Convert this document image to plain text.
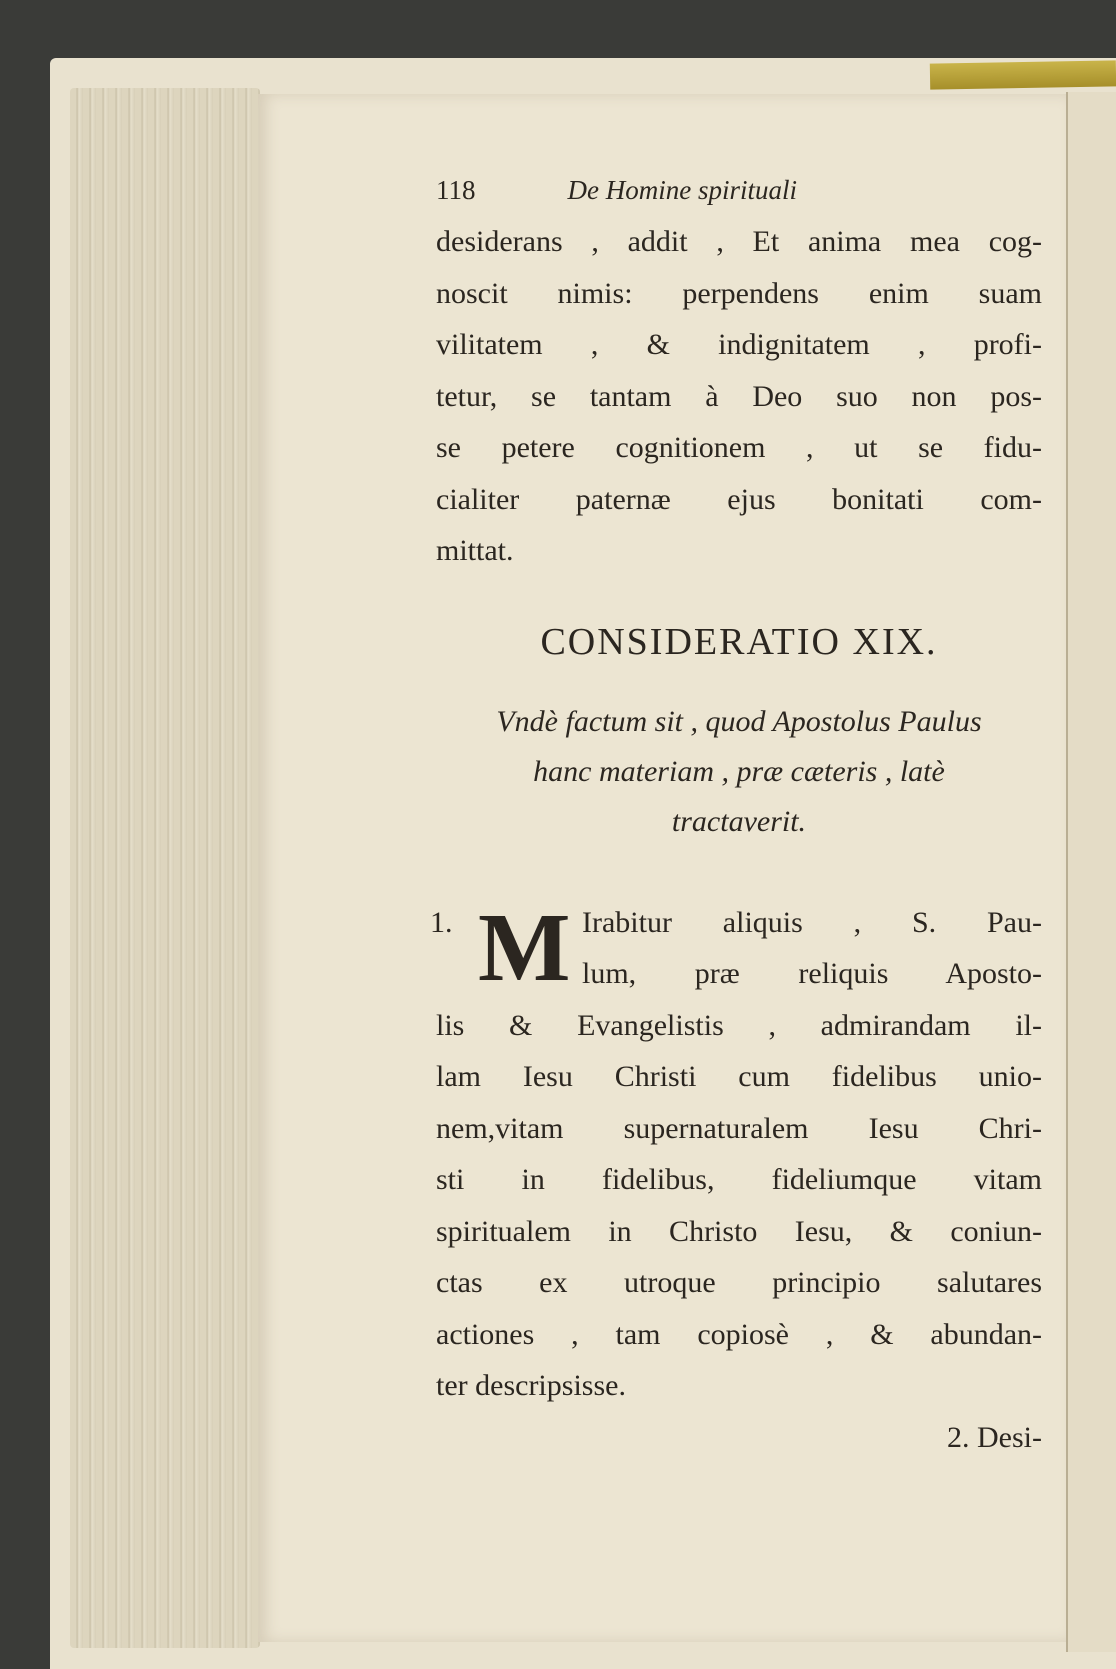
118	De Homine spirituali
desiderans , addit , Et anima mea cog-
noscit nimis: perpendens enim suam
vilitatem , & indignitatem , profi-
tetur, se tantam à Deo suo non pos-
se petere cognitionem , ut se fidu-
cialiter paternæ ejus bonitati com-
mittat.
CONSIDERATIO XIX.
Vndè factum sit , quod Apostolus Paulus
hanc materiam , præ cæteris , latè
tractaverit.
1. M Irabitur aliquis , S. Pau-
lum, præ reliquis Aposto-
lis & Evangelistis , admirandam il-
lam Iesu Christi cum fidelibus unio-
nem,vitam supernaturalem Iesu Chri-
sti in fidelibus, fideliumque vitam
spiritualem in Christo Iesu, & coniun-
ctas ex utroque principio salutares
actiones , tam copiosè , & abundan-
ter descripsisse.
2. Desi-
